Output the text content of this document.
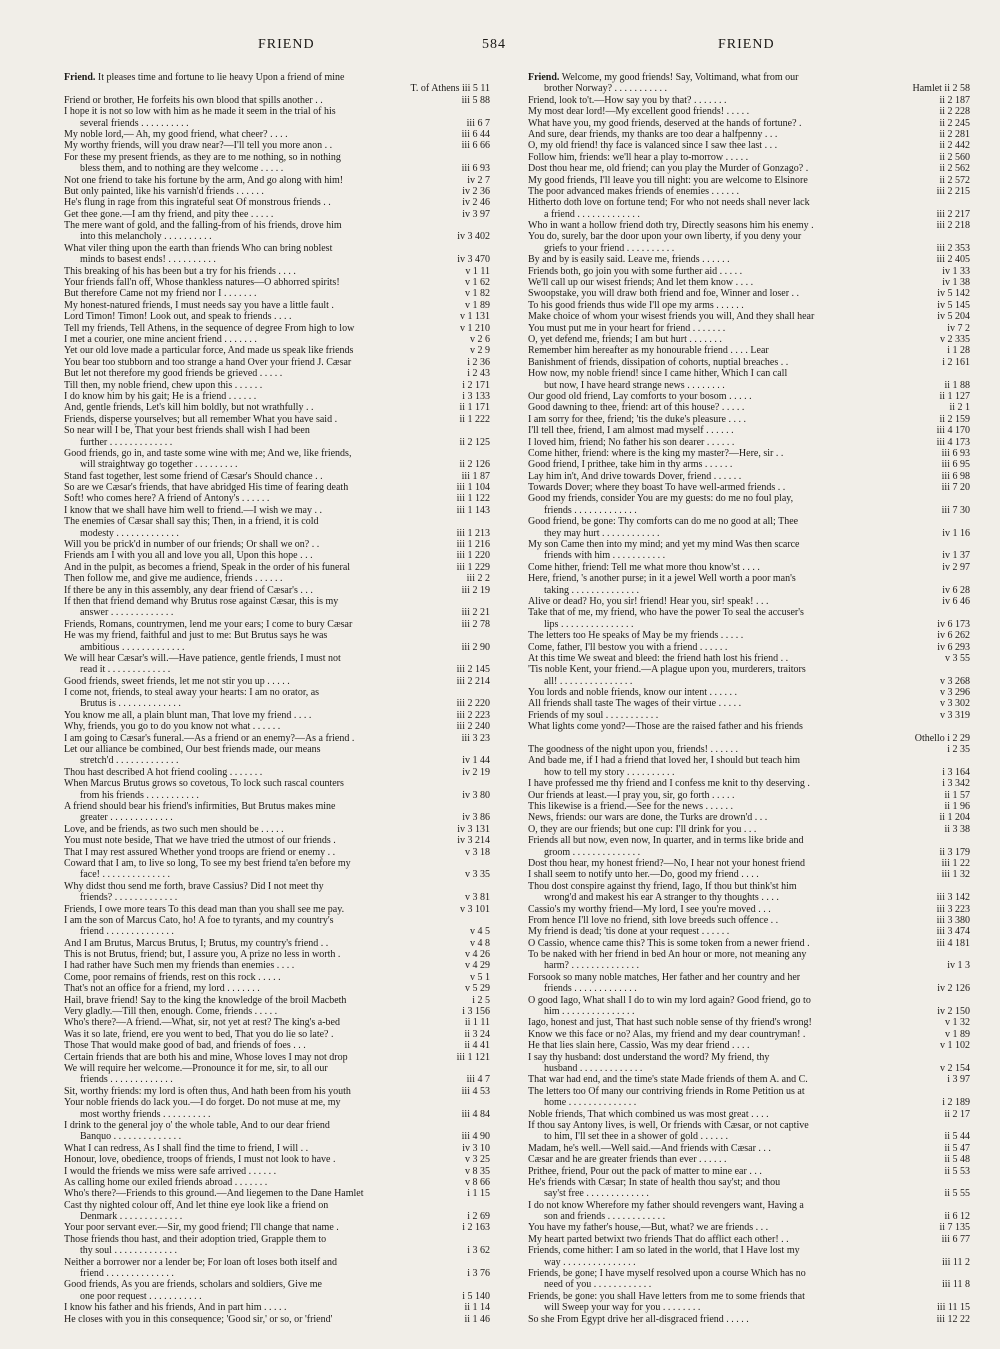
FRIEND	584	FRIEND
Friend. It pleases time and fortune to lie heavy Upon a friend of mine
T. of Athens iii 5 11
Friend or brother, He forfeits his own blood that spills another . .	iii 5 88
I hope it is not so low with him as he made it seem in the trial of his
several friends . . . . . . . . . .	iii 6 7
My noble lord,— Ah, my good friend, what cheer? . . . .	iii 6 44
My worthy friends, will you draw near?—I'll tell you more anon . .	iii 6 66
For these my present friends, as they are to me nothing, so in nothing
bless them, and to nothing are they welcome . . . . .	iii 6 93
Not one friend to take his fortune by the arm, And go along with him!	iv 2 7
But only painted, like his varnish'd friends . . . . . .	iv 2 36
He's flung in rage from this ingrateful seat Of monstrous friends . .	iv 2 46
Get thee gone.—I am thy friend, and pity thee . . . . .	iv 3 97
The mere want of gold, and the falling-from of his friends, drove him
into this melancholy . . . . . . . . . .	iv 3 402
What viler thing upon the earth than friends Who can bring noblest
minds to basest ends! . . . . . . . . . .	iv 3 470
This breaking of his has been but a try for his friends . . . .	v 1 11
Your friends fall'n off, Whose thankless natures—O abhorred spirits!	v 1 62
But therefore Came not my friend nor I . . . . . . .	v 1 82
My honest-natured friends, I must needs say you have a little fault .	v 1 89
Lord Timon! Timon! Look out, and speak to friends . . . .	v 1 131
Tell my friends, Tell Athens, in the sequence of degree From high to low	v 1 210
I met a courier, one mine ancient friend . . . . . . .	v 2 6
Yet our old love made a particular force, And made us speak like friends	v 2 9
You bear too stubborn and too strange a hand Over your friend J. Cæsar	i 2 36
But let not therefore my good friends be grieved . . . . .	i 2 43
Till then, my noble friend, chew upon this . . . . . .	i 2 171
I do know him by his gait; He is a friend . . . . . .	i 3 133
And, gentle friends, Let's kill him boldly, but not wrathfully . .	ii 1 171
Friends, disperse yourselves; but all remember What you have said .	ii 1 222
So near will I be, That your best friends shall wish I had been
further . . . . . . . . . . . . .	ii 2 125
Good friends, go in, and taste some wine with me; And we, like friends,
will straightway go together . . . . . . . . .	ii 2 126
Stand fast together, lest some friend of Cæsar's Should chance . .	iii 1 87
So are we Cæsar's friends, that have abridged His time of fearing death	iii 1 104
Soft! who comes here? A friend of Antony's . . . . . .	iii 1 122
I know that we shall have him well to friend.—I wish we may . .	iii 1 143
The enemies of Cæsar shall say this; Then, in a friend, it is cold
modesty . . . . . . . . . . . . .	iii 1 213
Will you be prick'd in number of our friends; Or shall we on? . .	iii 1 216
Friends am I with you all and love you all, Upon this hope . . .	iii 1 220
And in the pulpit, as becomes a friend, Speak in the order of his funeral	iii 1 229
Then follow me, and give me audience, friends . . . . . .	iii 2 2
If there be any in this assembly, any dear friend of Cæsar's . . .	iii 2 19
If then that friend demand why Brutus rose against Cæsar, this is my
answer . . . . . . . . . . . . .	iii 2 21
Friends, Romans, countrymen, lend me your ears; I come to bury Cæsar	iii 2 78
He was my friend, faithful and just to me: But Brutus says he was
ambitious . . . . . . . . . . . . .	iii 2 90
We will hear Cæsar's will.—Have patience, gentle friends, I must not
read it . . . . . . . . . . . . .	iii 2 145
Good friends, sweet friends, let me not stir you up . . . . .	iii 2 214
I come not, friends, to steal away your hearts: I am no orator, as
Brutus is . . . . . . . . . . . . .	iii 2 220
You know me all, a plain blunt man, That love my friend . . . .	iii 2 223
Why, friends, you go to do you know not what . . . . . .	iii 2 240
I am going to Cæsar's funeral.—As a friend or an enemy?—As a friend .	iii 3 23
Let our alliance be combined, Our best friends made, our means
stretch'd . . . . . . . . . . . . .	iv 1 44
Thou hast described A hot friend cooling . . . . . . .	iv 2 19
When Marcus Brutus grows so covetous, To lock such rascal counters
from his friends . . . . . . . . . . .	iv 3 80
A friend should bear his friend's infirmities, But Brutus makes mine
greater . . . . . . . . . . . . .	iv 3 86
Love, and be friends, as two such men should be . . . . .	iv 3 131
You must note beside, That we have tried the utmost of our friends .	iv 3 214
That I may rest assured Whether yond troops are friend or enemy . .	v 3 18
Coward that I am, to live so long, To see my best friend ta'en before my
face! . . . . . . . . . . . . . .	v 3 35
Why didst thou send me forth, brave Cassius? Did I not meet thy
friends? . . . . . . . . . . . . .	v 3 81
Friends, I owe more tears To this dead man than you shall see me pay.	v 3 101
I am the son of Marcus Cato, ho! A foe to tyrants, and my country's
friend . . . . . . . . . . . . . .	v 4 5
And I am Brutus, Marcus Brutus, I; Brutus, my country's friend . .	v 4 8
This is not Brutus, friend; but, I assure you, A prize no less in worth .	v 4 26
I had rather have Such men my friends than enemies . . . .	v 4 29
Come, poor remains of friends, rest on this rock . . . . .	v 5 1
That's not an office for a friend, my lord . . . . . . .	v 5 29
Hail, brave friend! Say to the king the knowledge of the broil Macbeth	i 2 5
Very gladly.—Till then, enough. Come, friends . . . . .	i 3 156
Who's there?—A friend.—What, sir, not yet at rest? The king's a-bed	ii 1 11
Was it so late, friend, ere you went to bed, That you do lie so late? .	ii 3 24
Those That would make good of bad, and friends of foes . . .	ii 4 41
Certain friends that are both his and mine, Whose loves I may not drop	iii 1 121
We will require her welcome.—Pronounce it for me, sir, to all our
friends . . . . . . . . . . . . .	iii 4 7
Sit, worthy friends: my lord is often thus, And hath been from his youth	iii 4 53
Your noble friends do lack you.—I do forget. Do not muse at me, my
most worthy friends . . . . . . . . . .	iii 4 84
I drink to the general joy o' the whole table, And to our dear friend
Banquo . . . . . . . . . . . . . .	iii 4 90
What I can redress, As I shall find the time to friend, I will . .	iv 3 10
Honour, love, obedience, troops of friends, I must not look to have .	v 3 25
I would the friends we miss were safe arrived . . . . . .	v 8 35
As calling home our exiled friends abroad . . . . . . .	v 8 66
Who's there?—Friends to this ground.—And liegemen to the Dane Hamlet	i 1 15
Cast thy nighted colour off, And let thine eye look like a friend on
Denmark . . . . . . . . . . . . .	i 2 69
Your poor servant ever.—Sir, my good friend; I'll change that name .	i 2 163
Those friends thou hast, and their adoption tried, Grapple them to
thy soul . . . . . . . . . . . . .	i 3 62
Neither a borrower nor a lender be; For loan oft loses both itself and
friend . . . . . . . . . . . . . .	i 3 76
Good friends, As you are friends, scholars and soldiers, Give me
one poor request . . . . . . . . . . .	i 5 140
I know his father and his friends, And in part him . . . . .	ii 1 14
He closes with you in this consequence; 'Good sir,' or so, or 'friend'	ii 1 46
Friend. Welcome, my good friends! Say, Voltimand, what from our
brother Norway? . . . . . . . . . . .	Hamlet ii 2 58
Friend, look to't.—How say you by that? . . . . . . .	ii 2 187
My most dear lord!—My excellent good friends! . . . . .	ii 2 228
What have you, my good friends, deserved at the hands of fortune? .	ii 2 245
And sure, dear friends, my thanks are too dear a halfpenny . . .	ii 2 281
O, my old friend! thy face is valanced since I saw thee last . . .	ii 2 442
Follow him, friends: we'll hear a play to-morrow . . . . .	ii 2 560
Dost thou hear me, old friend; can you play the Murder of Gonzago? .	ii 2 562
My good friends, I'll leave you till night: you are welcome to Elsinore	ii 2 572
The poor advanced makes friends of enemies . . . . . .	iii 2 215
Hitherto doth love on fortune tend; For who not needs shall never lack
a friend . . . . . . . . . . . . .	iii 2 217
Who in want a hollow friend doth try, Directly seasons him his enemy .	iii 2 218
You do, surely, bar the door upon your own liberty, if you deny your
griefs to your friend . . . . . . . . . .	iii 2 353
By and by is easily said. Leave me, friends . . . . . .	iii 2 405
Friends both, go join you with some further aid . . . . .	iv 1 33
We'll call up our wisest friends; And let them know . . . .	iv 1 38
Swoopstake, you will draw both friend and foe, Winner and loser . .	iv 5 142
To his good friends thus wide I'll ope my arms . . . . . .	iv 5 145
Make choice of whom your wisest friends you will, And they shall hear	iv 5 204
You must put me in your heart for friend . . . . . . .	iv 7 2
O, yet defend me, friends; I am but hurt . . . . . . .	v 2 335
Remember him hereafter as my honourable friend . . . . Lear	i 1 28
Banishment of friends, dissipation of cohorts, nuptial breaches . .	i 2 161
How now, my noble friend! since I came hither, Which I can call
but now, I have heard strange news . . . . . . . .	ii 1 88
Our good old friend, Lay comforts to your bosom . . . . .	ii 1 127
Good dawning to thee, friend: art of this house? . . . . .	ii 2 1
I am sorry for thee, friend; 'tis the duke's pleasure . . . .	ii 2 159
I'll tell thee, friend, I am almost mad myself . . . . . .	iii 4 170
I loved him, friend; No father his son dearer . . . . . .	iii 4 173
Come hither, friend: where is the king my master?—Here, sir . .	iii 6 93
Good friend, I prithee, take him in thy arms . . . . . .	iii 6 95
Lay him in't, And drive towards Dover, friend . . . . . .	iii 6 98
Towards Dover; where they boast To have well-armed friends . .	iii 7 20
Good my friends, consider You are my guests: do me no foul play,
friends . . . . . . . . . . . . .	iii 7 30
Good friend, be gone: Thy comforts can do me no good at all; Thee
they may hurt . . . . . . . . . . . .	iv 1 16
My son Came then into my mind; and yet my mind Was then scarce
friends with him . . . . . . . . . . .	iv 1 37
Come hither, friend: Tell me what more thou know'st . . . .	iv 2 97
Here, friend, 's another purse; in it a jewel Well worth a poor man's
taking . . . . . . . . . . . . . .	iv 6 28
Alive or dead? Ho, you sir! friend! Hear you, sir! speak! . . .	iv 6 46
Take that of me, my friend, who have the power To seal the accuser's
lips . . . . . . . . . . . . . . .	iv 6 173
The letters too He speaks of May be my friends . . . . .	iv 6 262
Come, father, I'll bestow you with a friend . . . . . .	iv 6 293
At this time We sweat and bleed: the friend hath lost his friend . .	v 3 55
'Tis noble Kent, your friend.—A plague upon you, murderers, traitors
all! . . . . . . . . . . . . . . .	v 3 268
You lords and noble friends, know our intent . . . . . .	v 3 296
All friends shall taste The wages of their virtue . . . . .	v 3 302
Friends of my soul . . . . . . . . . . .	v 3 319
What lights come yond?—Those are the raised father and his friends
Othello i 2 29
The goodness of the night upon you, friends! . . . . . .	i 2 35
And bade me, if I had a friend that loved her, I should but teach him
how to tell my story . . . . . . . . . .	i 3 164
I have professed me thy friend and I confess me knit to thy deserving .	i 3 342
Our friends at least.—I pray you, sir, go forth . . . . .	ii 1 57
This likewise is a friend.—See for the news . . . . . .	ii 1 96
News, friends: our wars are done, the Turks are drown'd . . .	ii 1 204
O, they are our friends; but one cup: I'll drink for you . . .	ii 3 38
Friends all but now, even now, In quarter, and in terms like bride and
groom . . . . . . . . . . . . . .	ii 3 179
Dost thou hear, my honest friend?—No, I hear not your honest friend	iii 1 22
I shall seem to notify unto her.—Do, good my friend . . . .	iii 1 32
Thou dost conspire against thy friend, Iago, If thou but think'st him
wrong'd and makest his ear A stranger to thy thoughts . . . .	iii 3 142
Cassio's my worthy friend—My lord, I see you're moved . . .	iii 3 223
From hence I'll love no friend, sith love breeds such offence . .	iii 3 380
My friend is dead; 'tis done at your request . . . . . .	iii 3 474
O Cassio, whence came this? This is some token from a newer friend .	iii 4 181
To be naked with her friend in bed An hour or more, not meaning any
harm? . . . . . . . . . . . . . .	iv 1 3
Forsook so many noble matches, Her father and her country and her
friends . . . . . . . . . . . . .	iv 2 126
O good Iago, What shall I do to win my lord again? Good friend, go to
him . . . . . . . . . . . . . . .	iv 2 150
Iago, honest and just, That hast such noble sense of thy friend's wrong!	v 1 32
Know we this face or no? Alas, my friend and my dear countryman! .	v 1 89
He that lies slain here, Cassio, Was my dear friend . . . .	v 1 102
I say thy husband: dost understand the word? My friend, thy
husband . . . . . . . . . . . . .	v 2 154
That war had end, and the time's state Made friends of them A. and C.	i 3 97
The letters too Of many our contriving friends in Rome Petition us at
home . . . . . . . . . . . . . .	i 2 189
Noble friends, That which combined us was most great . . . .	ii 2 17
If thou say Antony lives, is well, Or friends with Cæsar, or not captive
to him, I'll set thee in a shower of gold . . . . . .	ii 5 44
Madam, he's well.—Well said.—And friends with Cæsar . . .	ii 5 47
Cæsar and he are greater friends than ever . . . . . .	ii 5 48
Prithee, friend, Pour out the pack of matter to mine ear . . .	ii 5 53
He's friends with Cæsar; In state of health thou say'st; and thou
say'st free . . . . . . . . . . . . .	ii 5 55
I do not know Wherefore my father should revengers want, Having a
son and friends . . . . . . . . . . . .	ii 6 12
You have my father's house,—But, what? we are friends . . .	ii 7 135
My heart parted betwixt two friends That do afflict each other! . .	iii 6 77
Friends, come hither: I am so lated in the world, that I Have lost my
way . . . . . . . . . . . . . . .	iii 11 2
Friends, be gone; I have myself resolved upon a course Which has no
need of you . . . . . . . . . . . .	iii 11 8
Friends, be gone: you shall Have letters from me to some friends that
will Sweep your way for you . . . . . . . .	iii 11 15
So she From Egypt drive her all-disgraced friend . . . . .	iii 12 22
